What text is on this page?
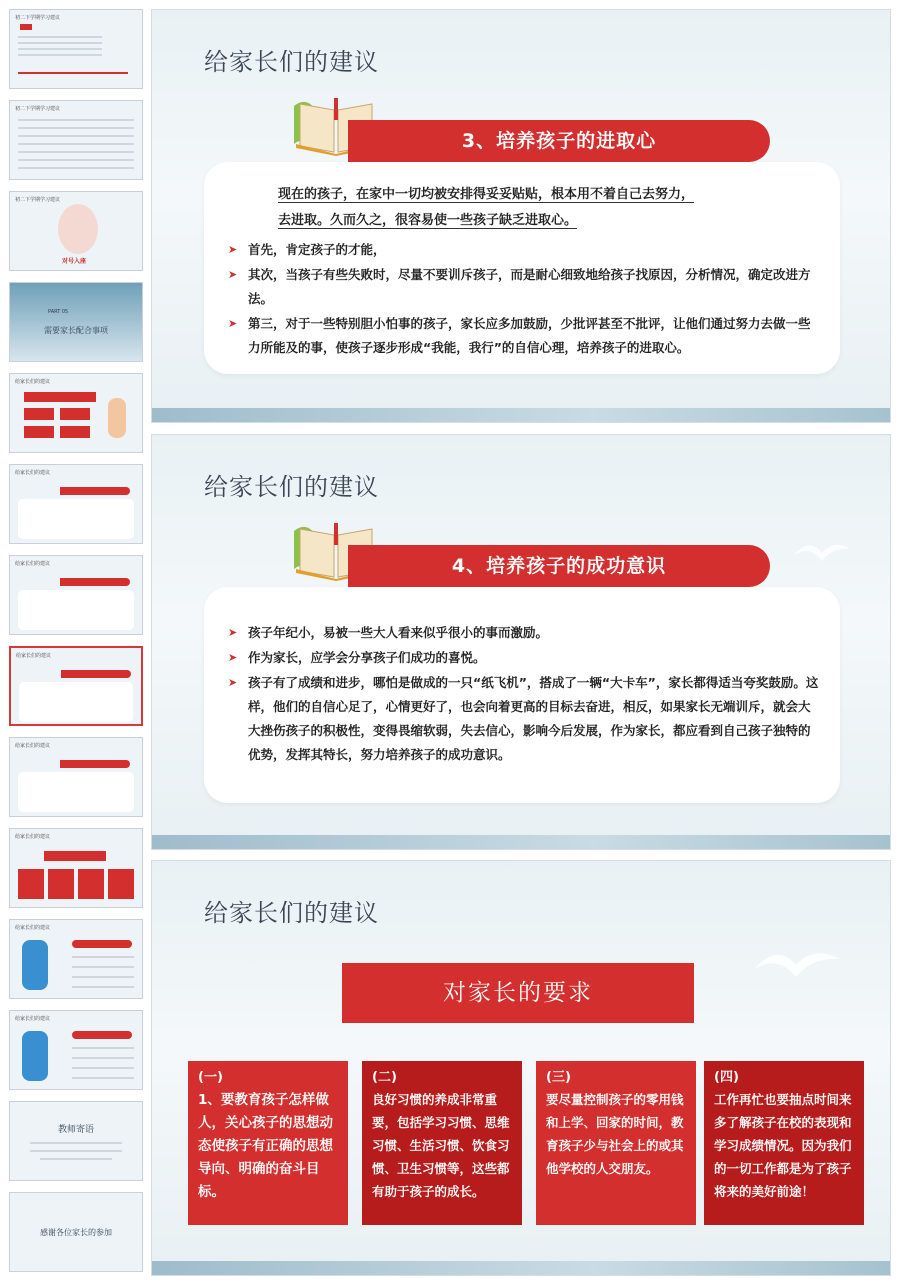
初二下学期学习建议
初二下学期学习建议
初二下学期学习建议
对号入座
PART 05
需要家长配合事项
给家长们的建议
给家长们的建议
给家长们的建议
给家长们的建议
给家长们的建议
给家长们的建议
给家长们的建议
给家长们的建议
教师寄语
感谢各位家长的参加
给家长们的建议
3、培养孩子的进取心
现在的孩子，在家中一切均被安排得妥妥贴贴，根本用不着自己去努力，
去进取。久而久之，很容易使一些孩子缺乏进取心。
➤ 首先，肯定孩子的才能，
➤ 其次，当孩子有些失败时，尽量不要训斥孩子，而是耐心细致地给孩子找原因，分析情况，确定改进方法。
➤ 第三，对于一些特别胆小怕事的孩子，家长应多加鼓励，少批评甚至不批评，让他们通过努力去做一些力所能及的事，使孩子逐步形成“我能，我行”的自信心理，培养孩子的进取心。
给家长们的建议
4、培养孩子的成功意识
➤ 孩子年纪小，易被一些大人看来似乎很小的事而激励。
➤ 作为家长，应学会分享孩子们成功的喜悦。
➤ 孩子有了成绩和进步，哪怕是做成的一只“纸飞机”，搭成了一辆“大卡车”，家长都得适当夸奖鼓励。这样，他们的自信心足了，心情更好了，也会向着更高的目标去奋进，相反，如果家长无端训斥，就会大大挫伤孩子的积极性，变得畏缩软弱，失去信心，影响今后发展，作为家长，都应看到自己孩子独特的优势，发挥其特长，努力培养孩子的成功意识。
给家长们的建议
对家长的要求
(一)
1、要教育孩子怎样做人，关心孩子的思想动态使孩子有正确的思想导向、明确的奋斗目标。
(二)
良好习惯的养成非常重要，包括学习习惯、思维习惯、生活习惯、饮食习惯、卫生习惯等，这些都有助于孩子的成长。
(三)
要尽量控制孩子的零用钱和上学、回家的时间，教育孩子少与社会上的或其他学校的人交朋友。
(四)
工作再忙也要抽点时间来多了解孩子在校的表现和学习成绩情况。因为我们的一切工作都是为了孩子将来的美好前途！
